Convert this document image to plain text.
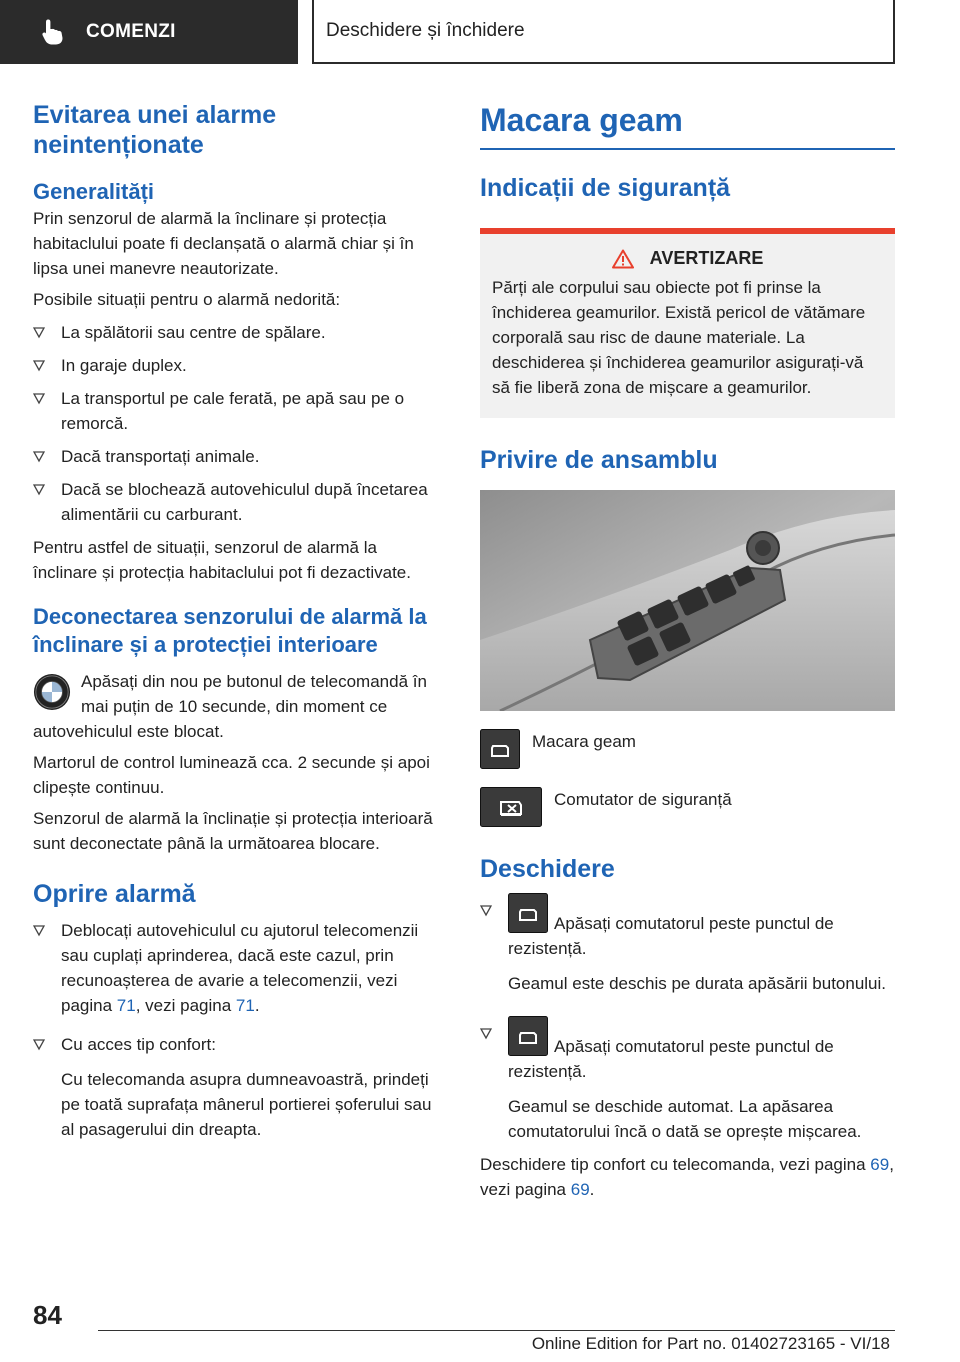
COMENZI	Deschidere și închidere
Evitarea unei alarme neintenționate
Generalități

Prin senzorul de alarmă la înclinare și protecția habitaclului poate fi declanșată o alarmă chiar și în lipsa unei manevre neautorizate.

Posibile situații pentru o alarmă nedorită:

La spălătorii sau centre de spălare.
In garaje duplex.
La transportul pe cale ferată, pe apă sau pe o remorcă.
Dacă transportați animale.
Dacă se blochează autovehiculul după încetarea alimentării cu carburant.

Pentru astfel de situații, senzorul de alarmă la înclinare și protecția habitaclului pot fi dezactivate.

Deconectarea senzorului de alarmă la înclinare și a protecției interioare

Apăsați din nou pe butonul de telecomandă în mai puțin de 10 secunde, din moment ce autovehiculul este blocat.

Martorul de control luminează cca. 2 secunde și apoi clipește continuu.

Senzorul de alarmă la înclinație și protecția interioară sunt deconectate până la următoarea blocare.

Oprire alarmă
Deblocați autovehiculul cu ajutorul telecomenzii sau cuplați aprinderea, dacă este cazul, prin recunoașterea de avarie a telecomenzii, vezi pagina 71, vezi pagina 71.
Cu acces tip confort:
Cu telecomanda asupra dumneavoastră, prindeți pe toată suprafața mânerul portierei șoferului sau al pasagerului din dreapta.
Macara geam
Indicații de siguranță
AVERTIZARE

Părți ale corpului sau obiecte pot fi prinse la închiderea geamurilor. Există pericol de vătămare corporală sau risc de daune materiale. La deschiderea și închiderea geamurilor asigurați-vă să fie liberă zona de mișcare a geamurilor.

Privire de ansamblu
Macara geam
Comutator de siguranță
Deschidere
Apăsați comutatorul peste punctul de rezistență.
Geamul este deschis pe durata apăsării butonului.
Apăsați comutatorul peste punctul de rezistență.
Geamul se deschide automat. La apăsarea comutatorului încă o dată se oprește mișcarea.

Deschidere tip confort cu telecomanda, vezi pagina 69, vezi pagina 69.

84
Online Edition for Part no. 01402723165 - VI/18
